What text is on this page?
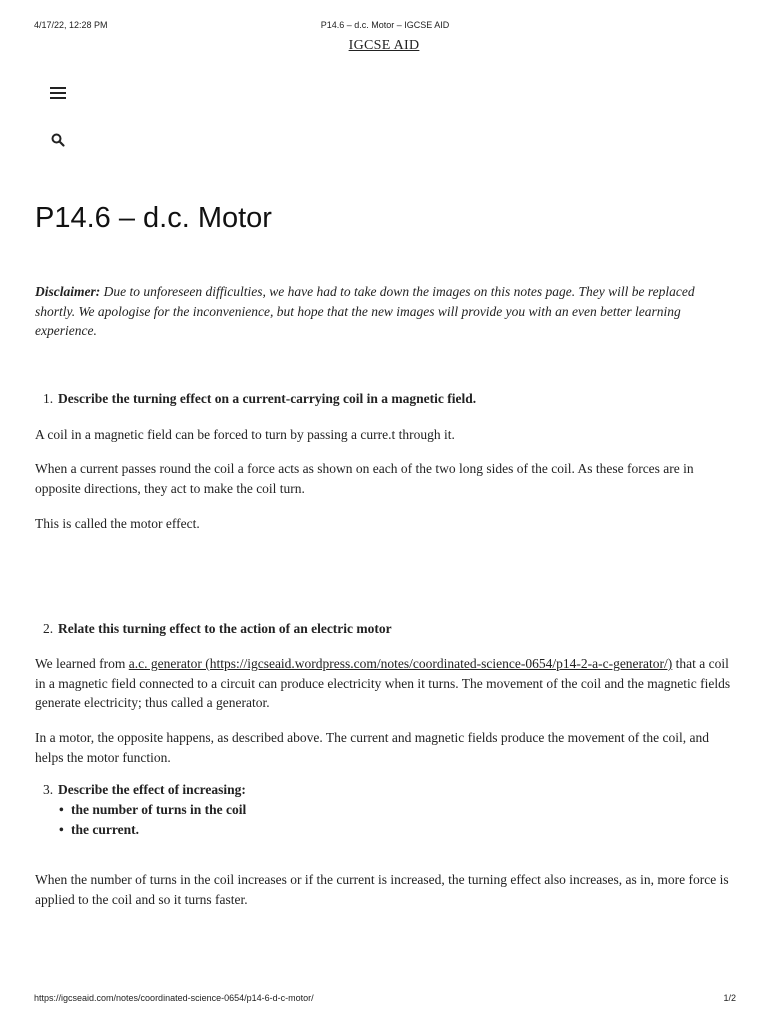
4/17/22, 12:28 PM	P14.6 – d.c. Motor – IGCSE AID
IGCSE AID
P14.6 – d.c. Motor
Disclaimer: Due to unforeseen difficulties, we have had to take down the images on this notes page. They will be replaced shortly. We apologise for the inconvenience, but hope that the new images will provide you with an even better learning experience.
1. Describe the turning effect on a current-carrying coil in a magnetic field.

A coil in a magnetic field can be forced to turn by passing a curre.t through it.

When a current passes round the coil a force acts as shown on each of the two long sides of the coil. As these forces are in opposite directions, they act to make the coil turn.

This is called the motor effect.

2. Relate this turning effect to the action of an electric motor

We learned from a.c. generator (https://igcseaid.wordpress.com/notes/coordinated-science-0654/p14-2-a-c-generator/) that a coil in a magnetic field connected to a circuit can produce electricity when it turns. The movement of the coil and the magnetic fields generate electricity; thus called a generator.

In a motor, the opposite happens, as described above. The current and magnetic fields produce the movement of the coil, and helps the motor function.

3. Describe the effect of increasing:
• the number of turns in the coil
• the current.

When the number of turns in the coil increases or if the current is increased, the turning effect also increases, as in, more force is applied to the coil and so it turns faster.

https://igcseaid.com/notes/coordinated-science-0654/p14-6-d-c-motor/	1/2
